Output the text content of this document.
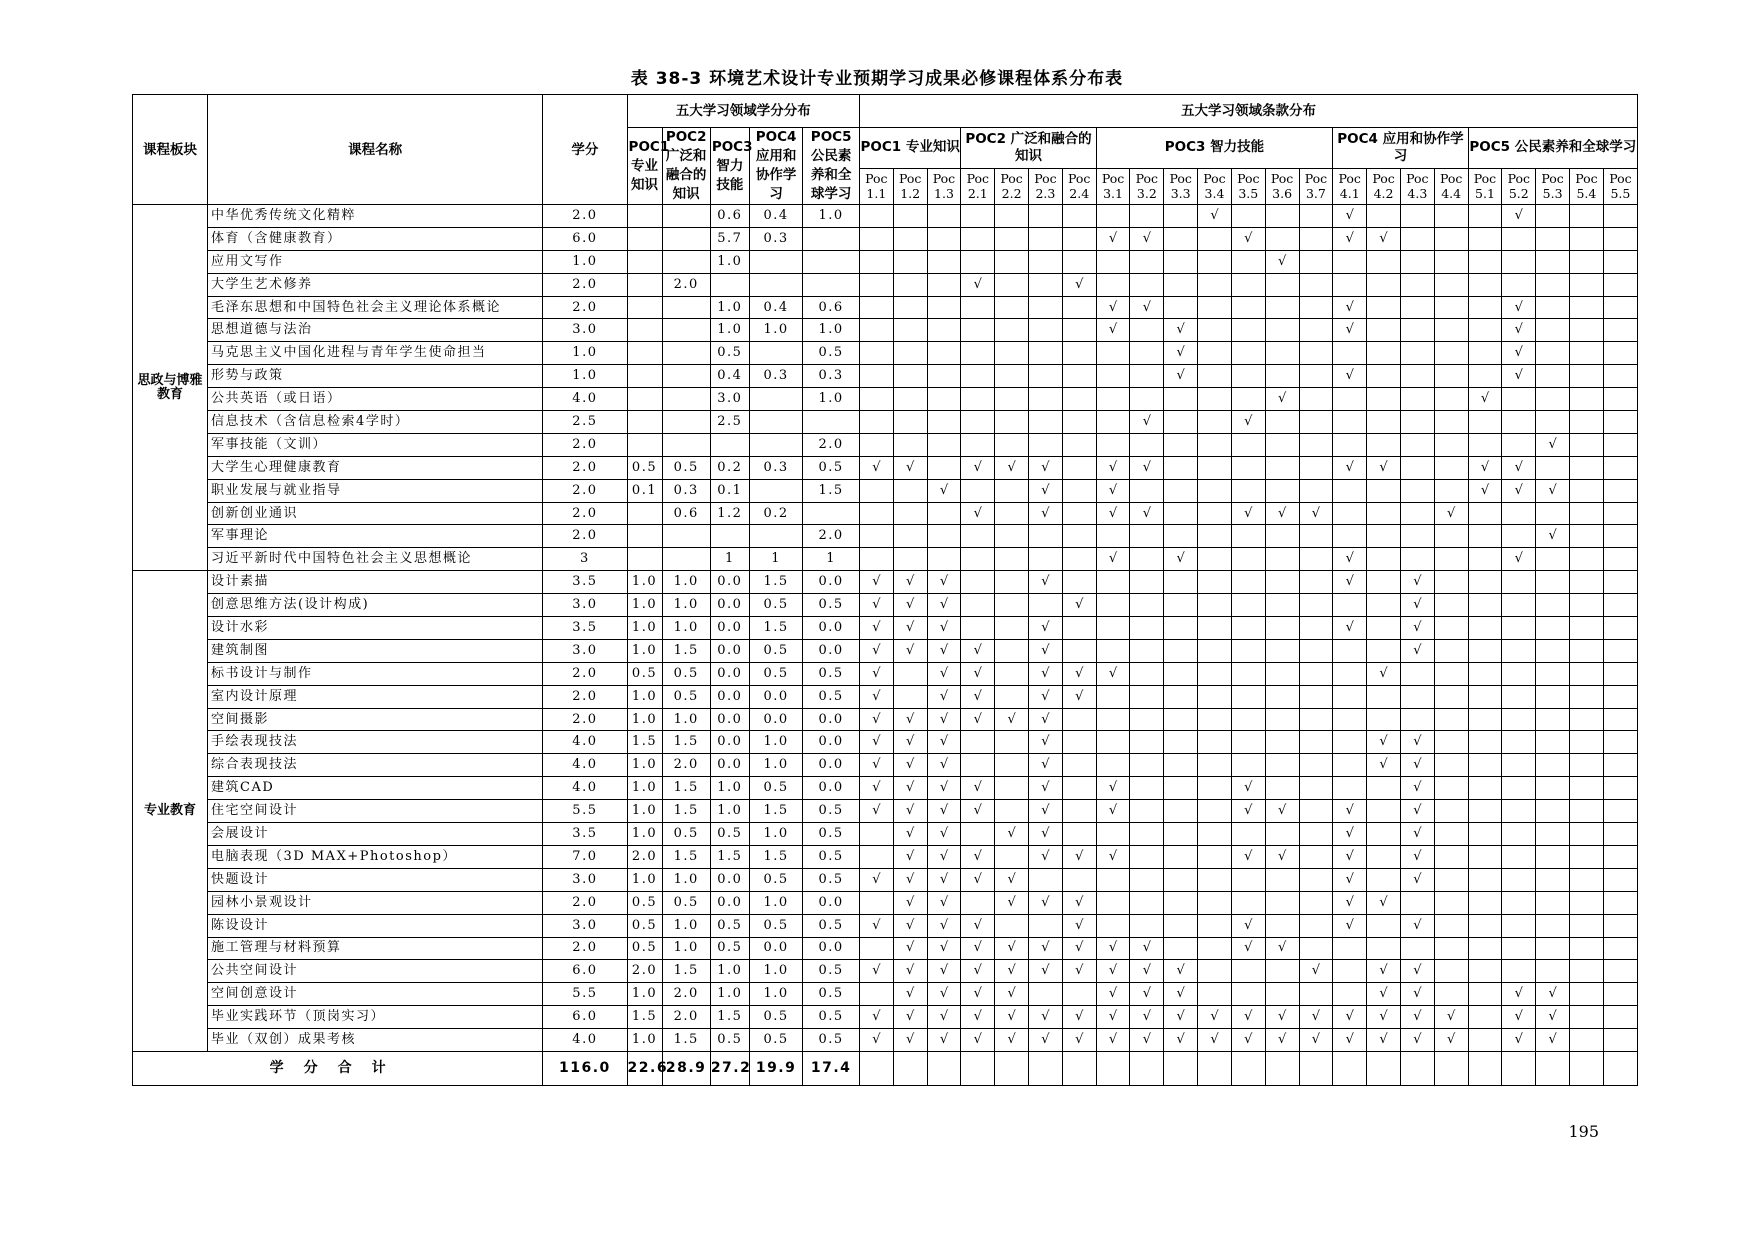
表 38-3 环境艺术设计专业预期学习成果必修课程体系分布表
课程板块	课程名称	学分	五大学习领域学分分布					五大学习领域条款分布																						
			POC1 专业知识	POC2 广泛和融合的知识	POC3 智力技能	POC4 应用和协作学习	POC5 公民素养和全球学习	POC1 专业知识			POC2 广泛和融合的知识				POC3 智力技能							POC4 应用和协作学习				POC5 公民素养和全球学习				
								Poc 1.1	Poc 1.2	Poc 1.3	Poc 2.1	Poc 2.2	Poc 2.3	Poc 2.4	Poc 3.1	Poc 3.2	Poc 3.3	Poc 3.4	Poc 3.5	Poc 3.6	Poc 3.7	Poc 4.1	Poc 4.2	Poc 4.3	Poc 4.4	Poc 5.1	Poc 5.2	Poc 5.3	Poc 5.4	Poc 5.5
思政与博雅教育	中华优秀传统文化精粹	2.0			0.6	0.4	1.0											√				√					√			
	体育（含健康教育）	6.0			5.7	0.3									√	√			√			√	√							
	应用文写作	1.0			1.0															√										
	大学生艺术修养	2.0		2.0							√			√																
	毛泽东思想和中国特色社会主义理论体系概论	2.0			1.0	0.4	0.6								√	√						√					√			
	思想道德与法治	3.0			1.0	1.0	1.0								√		√					√					√			
	马克思主义中国化进程与青年学生使命担当	1.0			0.5		0.5										√										√			
	形势与政策	1.0			0.4	0.3	0.3										√					√					√			
	公共英语（或日语）	4.0			3.0		1.0													√						√				
	信息技术（含信息检索4学时）	2.5			2.5											√			√											
	军事技能（文训）	2.0					2.0																					√		
	大学生心理健康教育	2.0	0.5	0.5	0.2	0.3	0.5	√	√		√	√	√		√	√						√	√			√	√			
	职业发展与就业指导	2.0	0.1	0.3	0.1		1.5			√			√		√											√	√	√		
	创新创业通识	2.0		0.6	1.2	0.2					√		√		√	√			√	√	√				√					
	军事理论	2.0					2.0																					√		
	习近平新时代中国特色社会主义思想概论	3			1	1	1								√		√					√					√			
专业教育	设计素描	3.5	1.0	1.0	0.0	1.5	0.0	√	√	√			√									√		√						
	创意思维方法(设计构成)	3.0	1.0	1.0	0.0	0.5	0.5	√	√	√				√										√						
	设计水彩	3.5	1.0	1.0	0.0	1.5	0.0	√	√	√			√									√		√						
	建筑制图	3.0	1.0	1.5	0.0	0.5	0.0	√	√	√	√		√											√						
	标书设计与制作	2.0	0.5	0.5	0.0	0.5	0.5	√		√	√		√	√	√								√							
	室内设计原理	2.0	1.0	0.5	0.0	0.0	0.5	√		√	√		√	√																
	空间摄影	2.0	1.0	1.0	0.0	0.0	0.0	√	√	√	√	√	√																	
	手绘表现技法	4.0	1.5	1.5	0.0	1.0	0.0	√	√	√			√										√	√						
	综合表现技法	4.0	1.0	2.0	0.0	1.0	0.0	√	√	√			√										√	√						
	建筑CAD	4.0	1.0	1.5	1.0	0.5	0.0	√	√	√	√		√		√				√					√						
	住宅空间设计	5.5	1.0	1.5	1.0	1.5	0.5	√	√	√	√		√		√				√	√		√		√						
	会展设计	3.5	1.0	0.5	0.5	1.0	0.5		√	√		√	√									√		√						
	电脑表现（3D MAX+Photoshop）	7.0	2.0	1.5	1.5	1.5	0.5		√	√	√		√	√	√				√	√		√		√						
	快题设计	3.0	1.0	1.0	0.0	0.5	0.5	√	√	√	√	√										√		√						
	园林小景观设计	2.0	0.5	0.5	0.0	1.0	0.0		√	√		√	√	√								√	√							
	陈设设计	3.0	0.5	1.0	0.5	0.5	0.5	√	√	√	√			√					√			√		√						
	施工管理与材料预算	2.0	0.5	1.0	0.5	0.0	0.0		√	√	√	√	√	√	√	√			√	√										
	公共空间设计	6.0	2.0	1.5	1.0	1.0	0.5	√	√	√	√	√	√	√	√	√	√				√		√	√						
	空间创意设计	5.5	1.0	2.0	1.0	1.0	0.5		√	√	√	√			√	√	√						√	√			√	√		
	毕业实践环节（顶岗实习）	6.0	1.5	2.0	1.5	0.5	0.5	√	√	√	√	√	√	√	√	√	√	√	√	√	√	√	√	√	√		√	√		
	毕业（双创）成果考核	4.0	1.0	1.5	0.5	0.5	0.5	√	√	√	√	√	√	√	√	√	√	√	√	√	√	√	√	√	√		√	√		
学分合计		116.0	22.6	28.9	27.2	19.9	17.4																							
195
